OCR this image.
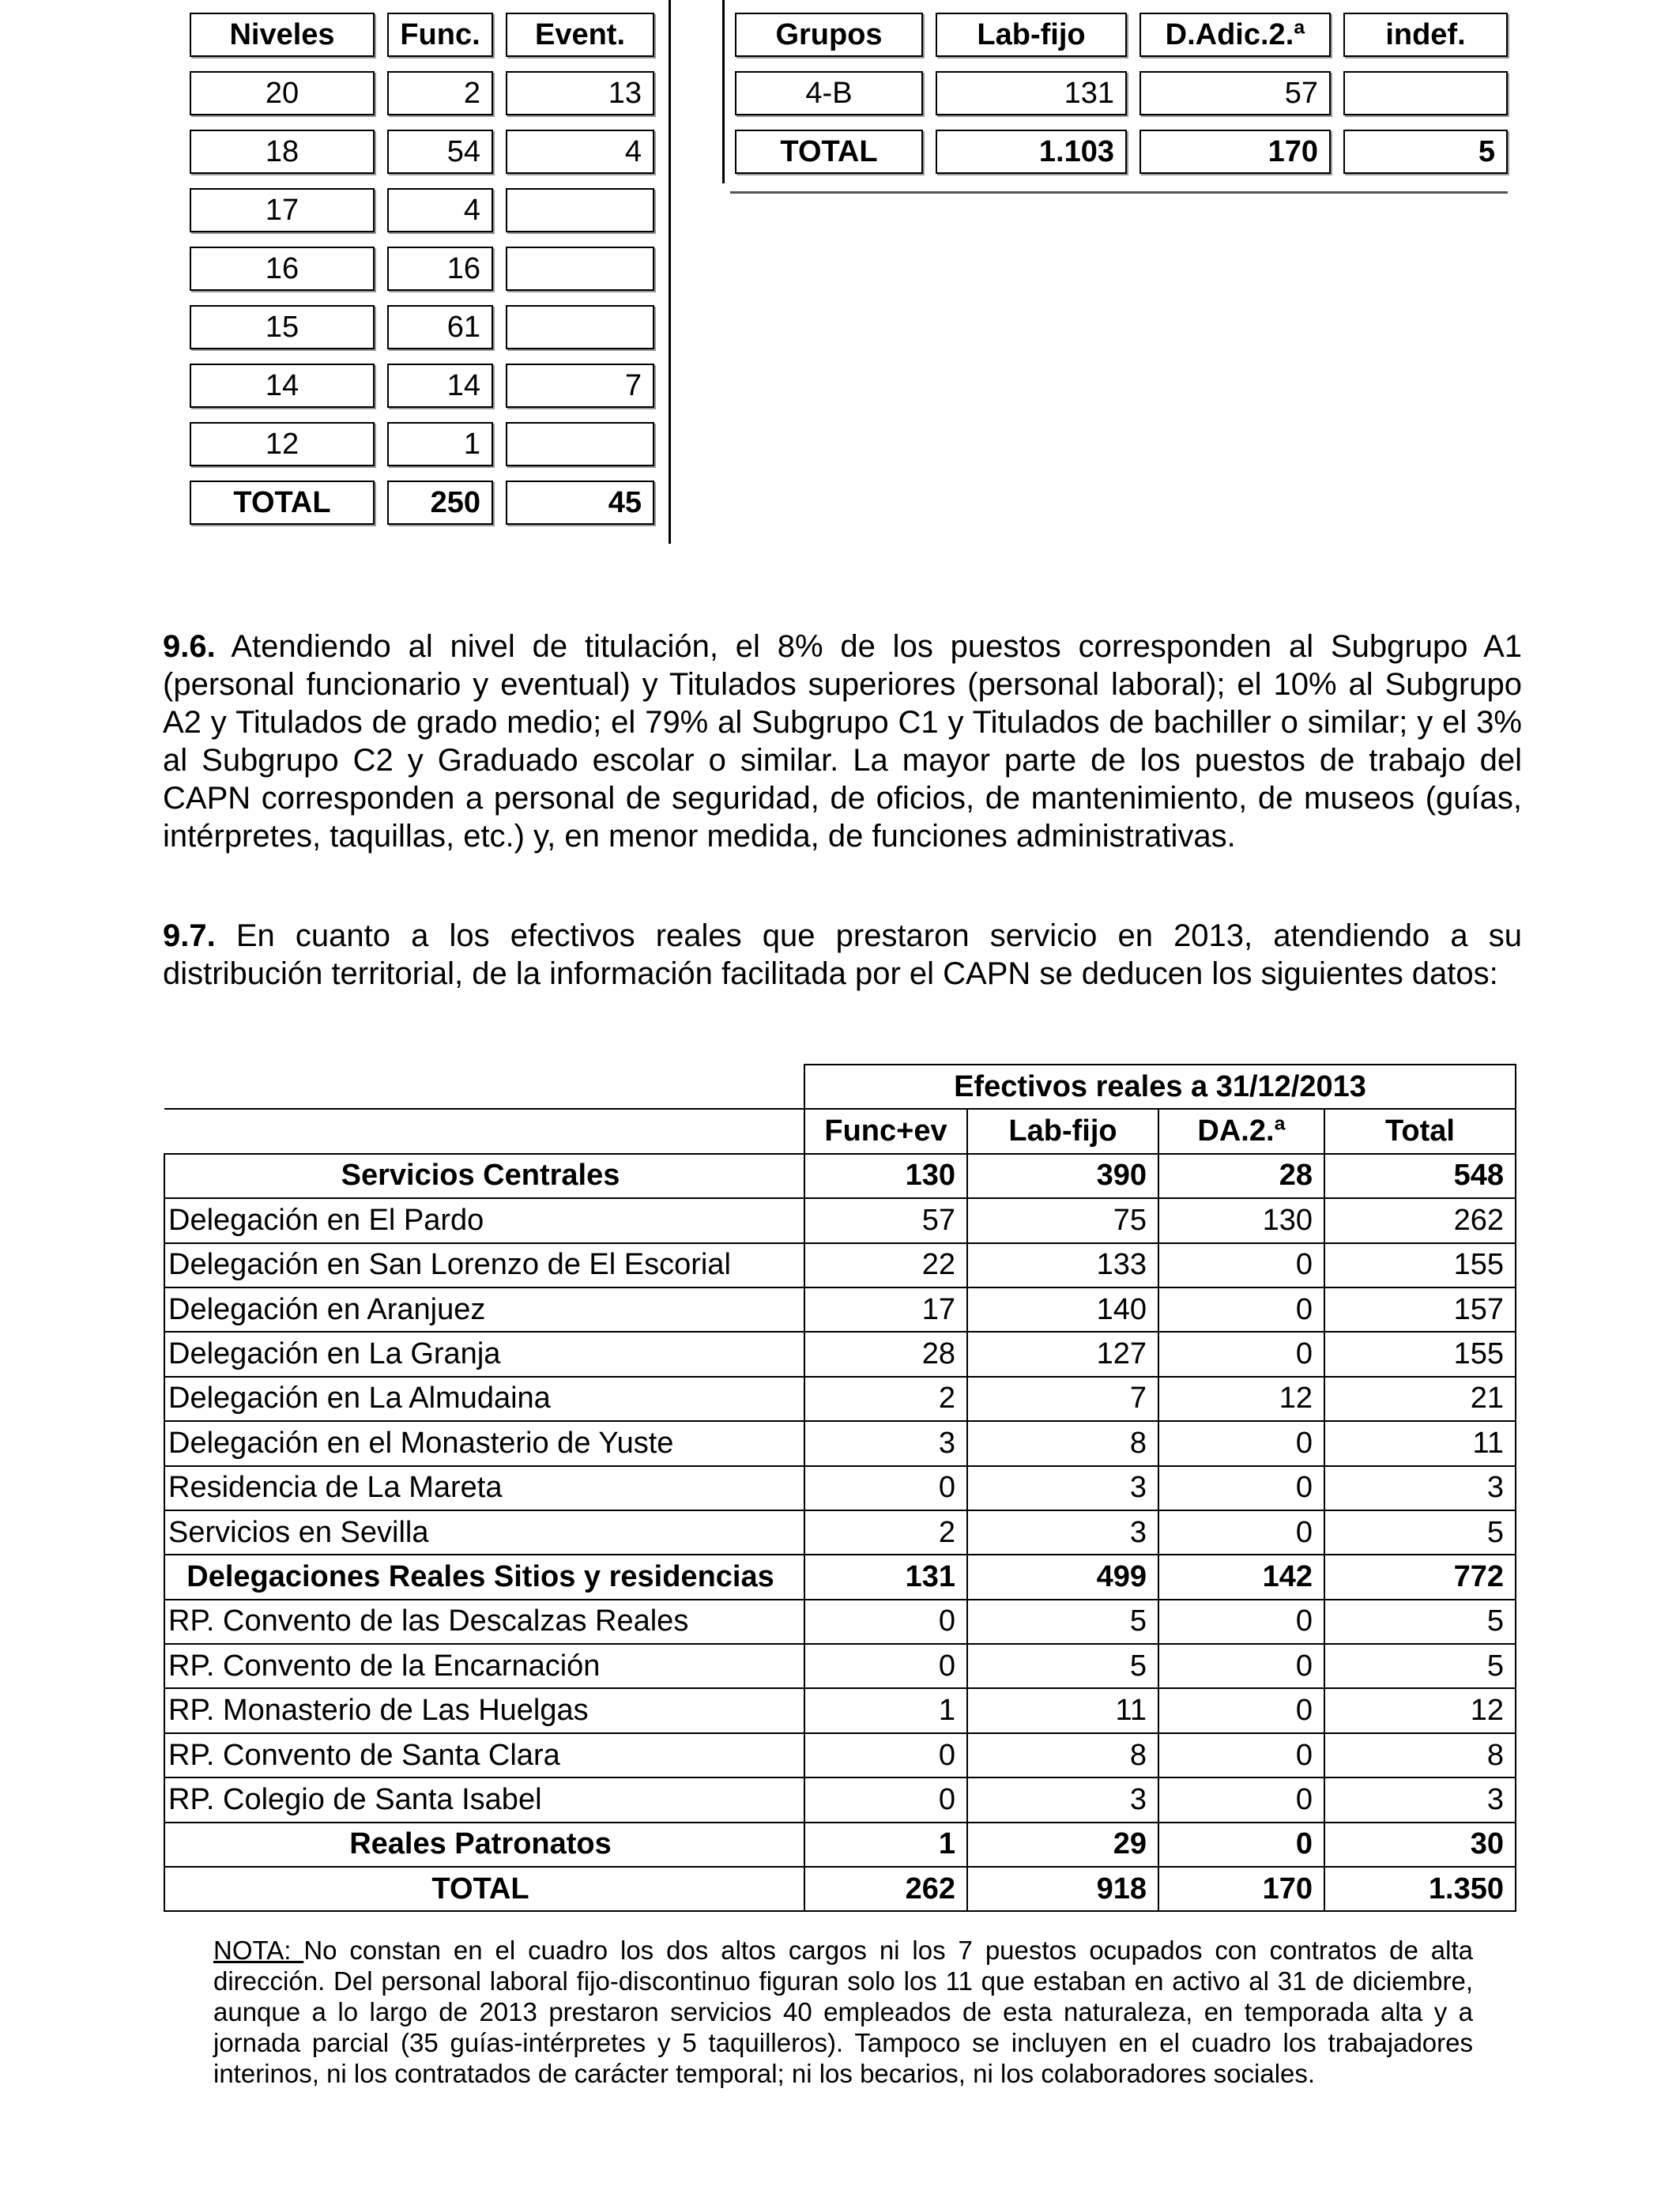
Niveles	Func.	Event.
20	2	13
18	54	4
17	4	
16	16	
15	61	
14	14	7
12	1	
TOTAL	250	45
Grupos	Lab-fijo	D.Adic.2.ª	indef.
4-B	131	57	
TOTAL	1.103	170	5

9.6. Atendiendo al nivel de titulación, el 8% de los puestos corresponden al Subgrupo A1 (personal funcionario y eventual) y Titulados superiores (personal laboral); el 10% al Subgrupo A2 y Titulados de grado medio; el 79% al Subgrupo C1 y Titulados de bachiller o similar; y el 3% al Subgrupo C2 y Graduado escolar o similar. La mayor parte de los puestos de trabajo del CAPN corresponden a personal de seguridad, de oficios, de mantenimiento, de museos (guías, intérpretes, taquillas, etc.) y, en menor medida, de funciones administrativas.

9.7. En cuanto a los efectivos reales que prestaron servicio en 2013, atendiendo a su distribución territorial, de la información facilitada por el CAPN se deducen los siguientes datos:

	Efectivos reales a 31/12/2013			
	Func+ev	Lab-fijo	DA.2.ª	Total
Servicios Centrales	130	390	28	548
Delegación en El Pardo	57	75	130	262
Delegación en San Lorenzo de El Escorial	22	133	0	155
Delegación en Aranjuez	17	140	0	157
Delegación en La Granja	28	127	0	155
Delegación en La Almudaina	2	7	12	21
Delegación en el Monasterio de Yuste	3	8	0	11
Residencia de La Mareta	0	3	0	3
Servicios en Sevilla	2	3	0	5
Delegaciones Reales Sitios y residencias	131	499	142	772
RP. Convento de las Descalzas Reales	0	5	0	5
RP. Convento de la Encarnación	0	5	0	5
RP. Monasterio de Las Huelgas	1	11	0	12
RP. Convento de Santa Clara	0	8	0	8
RP. Colegio de Santa Isabel	0	3	0	3
Reales Patronatos	1	29	0	30
TOTAL	262	918	170	1.350

NOTA: No constan en el cuadro los dos altos cargos ni los 7 puestos ocupados con contratos de alta dirección. Del personal laboral fijo-discontinuo figuran solo los 11 que estaban en activo al 31 de diciembre, aunque a lo largo de 2013 prestaron servicios 40 empleados de esta naturaleza, en temporada alta y a jornada parcial (35 guías-intérpretes y 5 taquilleros). Tampoco se incluyen en el cuadro los trabajadores interinos, ni los contratados de carácter temporal; ni los becarios, ni los colaboradores sociales.
